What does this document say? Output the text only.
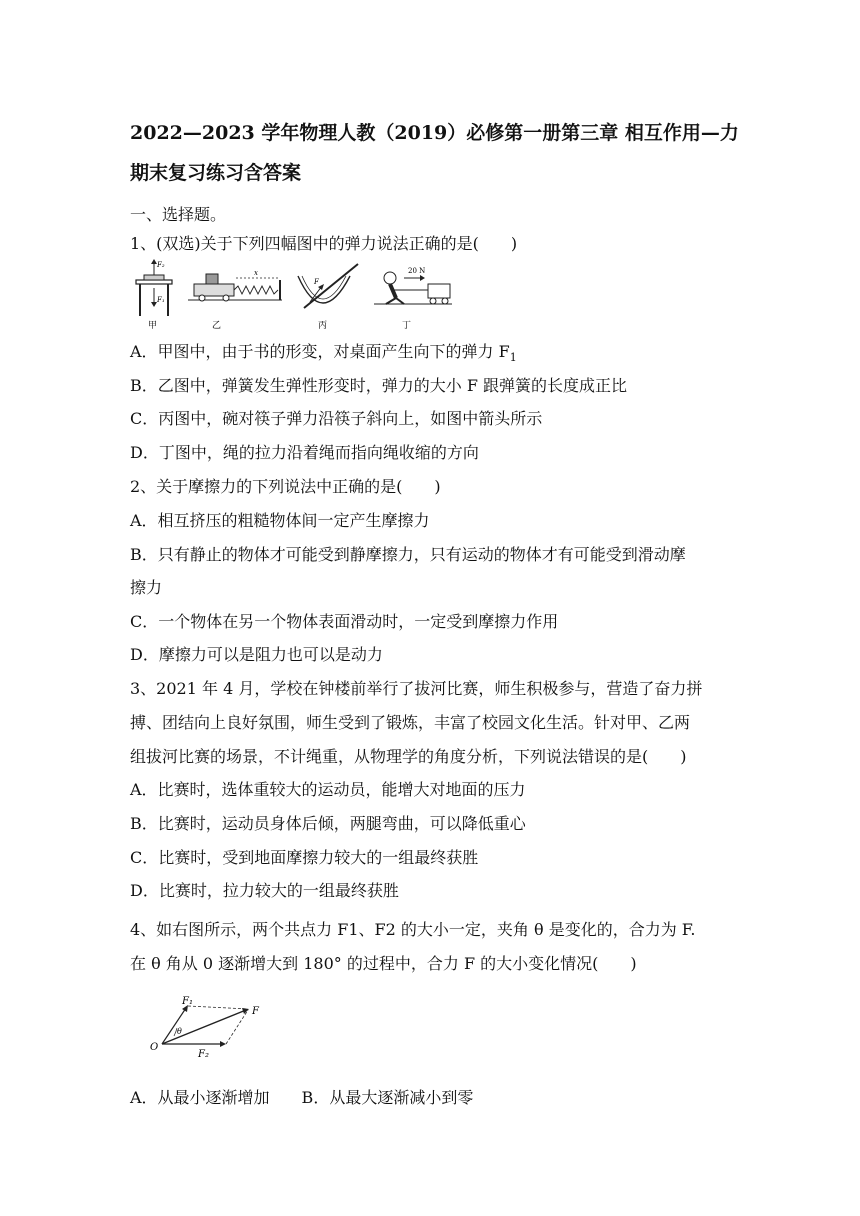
2022—2023 学年物理人教（2019）必修第一册第三章 相互作用—力
期末复习练习含答案
一、选择题。
1、(双选)关于下列四幅图中的弹力说法正确的是(　　)
F₂
F₁
甲
x
乙
F
丙
20 N
丁
A．甲图中，由于书的形变，对桌面产生向下的弹力 $F_1$
B．乙图中，弹簧发生弹性形变时，弹力的大小 F 跟弹簧的长度成正比
C．丙图中，碗对筷子弹力沿筷子斜向上，如图中箭头所示
D．丁图中，绳的拉力沿着绳而指向绳收缩的方向
2、关于摩擦力的下列说法中正确的是(　　)
A．相互挤压的粗糙物体间一定产生摩擦力
B．只有静止的物体才可能受到静摩擦力，只有运动的物体才有可能受到滑动摩
擦力
C．一个物体在另一个物体表面滑动时，一定受到摩擦力作用
D．摩擦力可以是阻力也可以是动力
3、2021 年 4 月，学校在钟楼前举行了拔河比赛，师生积极参与，营造了奋力拼
搏、团结向上良好氛围，师生受到了锻炼，丰富了校园文化生活。针对甲、乙两
组拔河比赛的场景，不计绳重，从物理学的角度分析，下列说法错误的是(　　)
A．比赛时，选体重较大的运动员，能增大对地面的压力
B．比赛时，运动员身体后倾，两腿弯曲，可以降低重心
C．比赛时，受到地面摩擦力较大的一组最终获胜
D．比赛时，拉力较大的一组最终获胜
4、如右图所示，两个共点力 F1、F2 的大小一定，夹角 θ 是变化的，合力为 F.
在 θ 角从 0 逐渐增大到 180° 的过程中，合力 F 的大小变化情况(　　)
F₁
F₂
F
O
θ
A．从最小逐渐增加　　B．从最大逐渐减小到零
